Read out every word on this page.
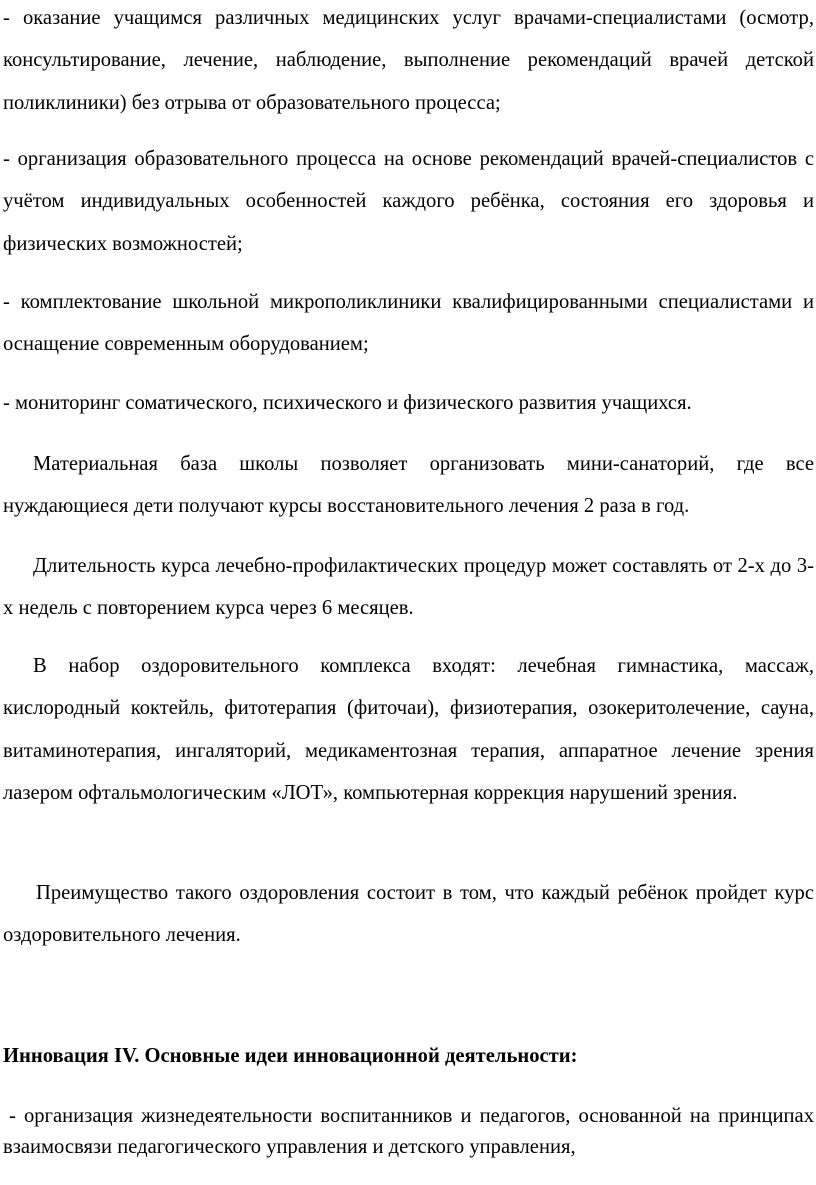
- оказание учащимся различных медицинских услуг врачами-специалистами (осмотр, консультирование, лечение, наблюдение, выполнение рекомендаций врачей детской поликлиники) без отрыва от образовательного процесса;

- организация образовательного процесса на основе рекомендаций врачей-специалистов с учётом индивидуальных особенностей каждого ребёнка, состояния его здоровья и физических возможностей;

- комплектование школьной микрополиклиники квалифицированными специалистами и оснащение современным оборудованием;

- мониторинг соматического, психического и физического развития учащихся.

Материальная база школы позволяет организовать мини-санаторий, где все нуждающиеся дети получают курсы восстановительного лечения 2 раза в год.

Длительность курса лечебно-профилактических процедур может составлять от 2-х до 3-х недель с повторением курса через 6 месяцев.

В набор оздоровительного комплекса входят: лечебная гимнастика, массаж, кислородный коктейль, фитотерапия (фиточаи), физиотерапия, озокеритолечение, сауна, витаминотерапия, ингаляторий, медикаментозная терапия, аппаратное лечение зрения лазером офтальмологическим «ЛОТ», компьютерная коррекция нарушений зрения.

Преимущество такого оздоровления состоит в том, что каждый ребёнок пройдет курс оздоровительного лечения.

Инновация IV. Основные идеи инновационной деятельности:

- организация жизнедеятельности воспитанников и педагогов, основанной на принципах взаимосвязи педагогического управления и детского управления,
